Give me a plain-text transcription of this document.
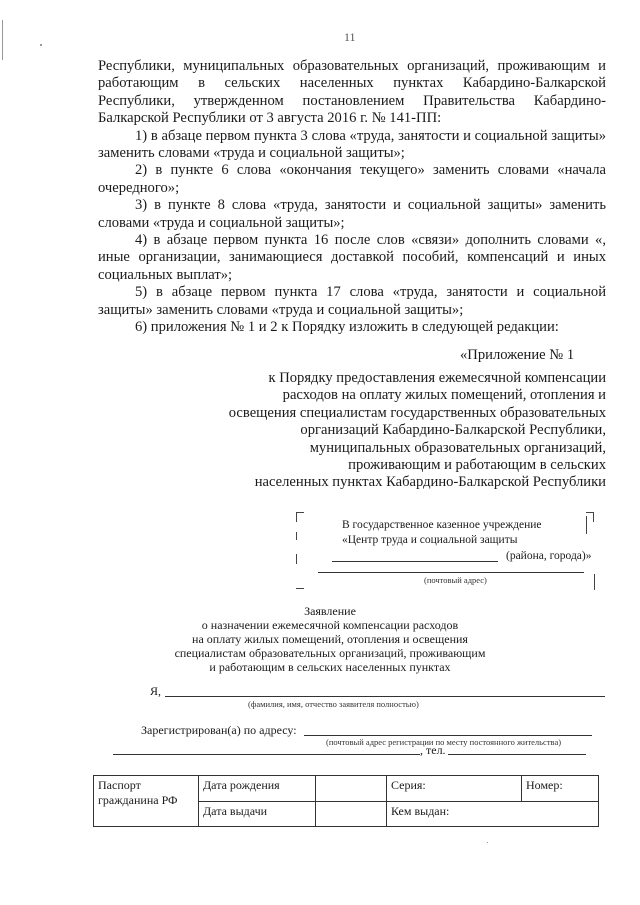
11

Республики, муниципальных образовательных организаций, проживающим и работающим в сельских населенных пунктах Кабардино-Балкарской Республики, утвержденном постановлением Правительства Кабардино-Балкарской Республики от 3 августа 2016 г. № 141-ПП:

1) в абзаце первом пункта 3 слова «труда, занятости и социальной защиты» заменить словами «труда и социальной защиты»;

2) в пункте 6 слова «окончания текущего» заменить словами «начала очередного»;

3) в пункте 8 слова «труда, занятости и социальной защиты» заменить словами «труда и социальной защиты»;

4) в абзаце первом пункта 16 после слов «связи» дополнить словами «, иные организации, занимающиеся доставкой пособий, компенсаций и иных социальных выплат»;

5) в абзаце первом пункта 17 слова «труда, занятости и социальной защиты» заменить словами «труда и социальной защиты»;

6) приложения № 1 и 2 к Порядку изложить в следующей редакции:

«Приложение № 1
к Порядку предоставления ежемесячной компенсации
расходов на оплату жилых помещений, отопления и
освещения специалистам государственных образовательных
организаций Кабардино-Балкарской Республики,
муниципальных образовательных организаций,
проживающим и работающим в сельских
населенных пунктах Кабардино-Балкарской Республики
В государственное казенное учреждение
«Центр труда и социальной защиты
(района, города)»
(почтовый адрес)
Заявление
о назначении ежемесячной компенсации расходов
на оплату жилых помещений, отопления и освещения
специалистам образовательных организаций, проживающим
и работающим в сельских населенных пунктах
Я,
(фамилия, имя, отчество заявителя полностью)
Зарегистрирован(а) по адресу:
(почтовый адрес регистрации по месту постоянного жительства)
, тел.
Паспорт гражданина РФ	Дата рождения		Серия:	Номер:
	Дата выдачи		Кем выдан:	
